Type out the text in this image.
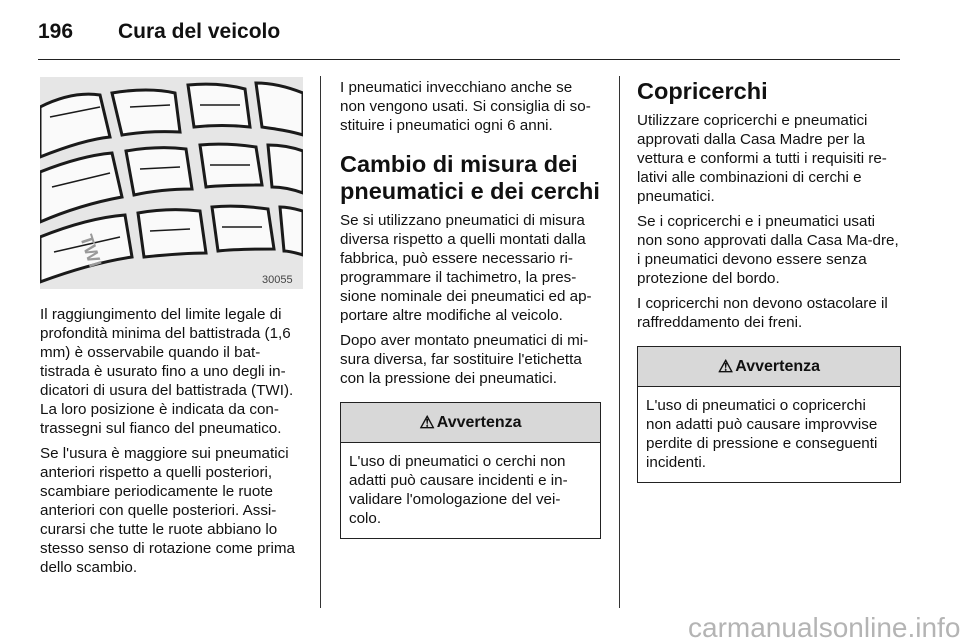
196 Cura del veicolo
TWI
30055

Il raggiungimento del limite legale di profondità minima del battistrada (1,6 mm) è osservabile quando il bat-tistrada è usurato fino a uno degli in-dicatori di usura del battistrada (TWI). La loro posizione è indicata da con-trassegni sul fianco del pneumatico.

Se l'usura è maggiore sui pneumatici anteriori rispetto a quelli posteriori, scambiare periodicamente le ruote anteriori con quelle posteriori. Assi-curarsi che tutte le ruote abbiano lo stesso senso di rotazione come prima dello scambio.

I pneumatici invecchiano anche se non vengono usati. Si consiglia di so-stituire i pneumatici ogni 6 anni.

Cambio di misura dei pneumatici e dei cerchi

Se si utilizzano pneumatici di misura diversa rispetto a quelli montati dalla fabbrica, può essere necessario ri-programmare il tachimetro, la pres-sione nominale dei pneumatici ed ap-portare altre modifiche al veicolo.

Dopo aver montato pneumatici di mi-sura diversa, far sostituire l'etichetta con la pressione dei pneumatici.

⚠ Avvertenza
L'uso di pneumatici o cerchi non adatti può causare incidenti e in-validare l'omologazione del vei-colo.
Copricerchi

Utilizzare copricerchi e pneumatici approvati dalla Casa Madre per la vettura e conformi a tutti i requisiti re-lativi alle combinazioni di cerchi e pneumatici.

Se i copricerchi e i pneumatici usati non sono approvati dalla Casa Ma-dre, i pneumatici devono essere senza protezione del bordo.

I copricerchi non devono ostacolare il raffreddamento dei freni.

⚠ Avvertenza
L'uso di pneumatici o copricerchi non adatti può causare improvvise perdite di pressione e conseguenti incidenti.
carmanualsonline.info
